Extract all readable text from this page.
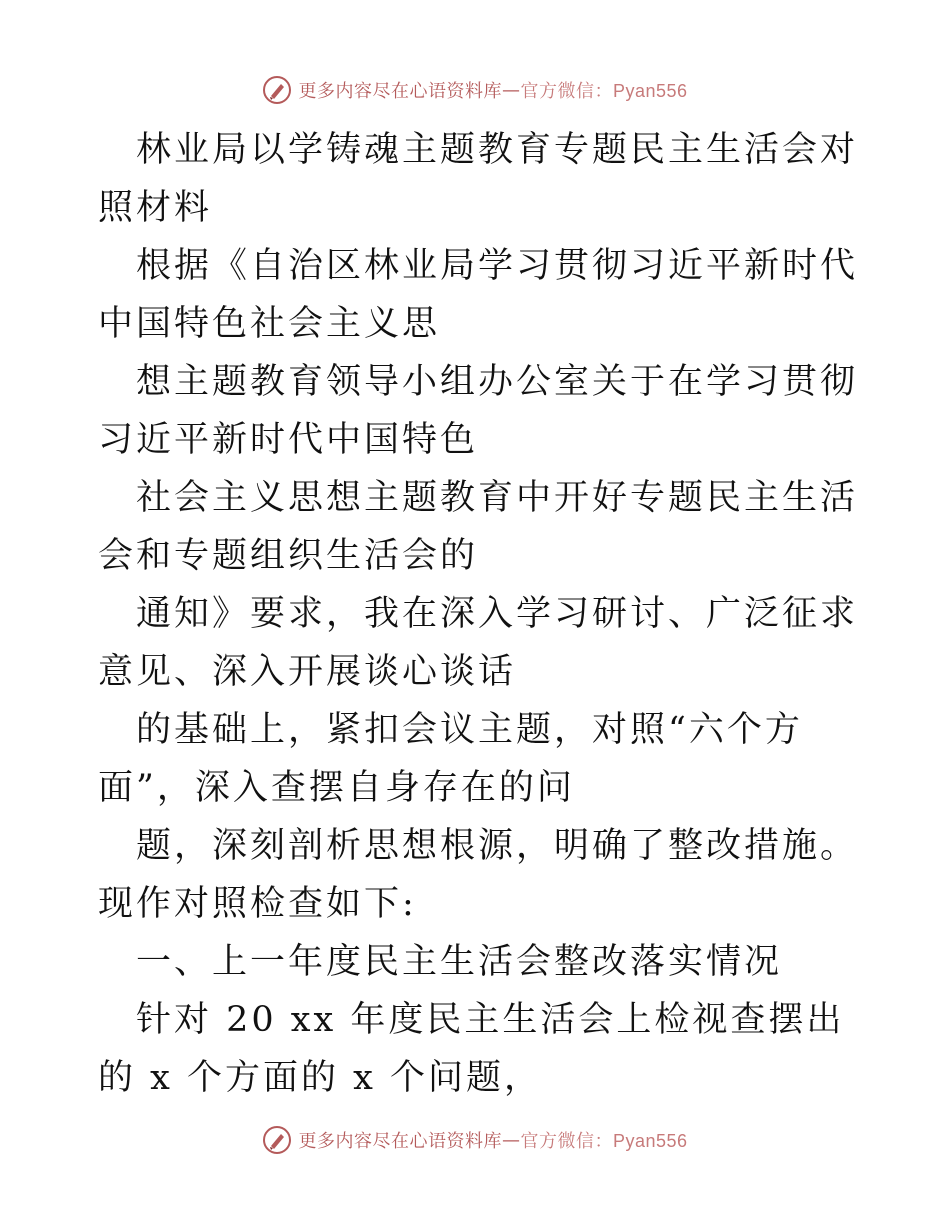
更多内容尽在心语资料库 — 官方微信：Pyan556

林业局以学铸魂主题教育专题民主生活会对照材料

根据《自治区林业局学习贯彻习近平新时代中国特色社会主义思

想主题教育领导小组办公室关于在学习贯彻习近平新时代中国特色

社会主义思想主题教育中开好专题民主生活会和专题组织生活会的

通知》要求，我在深入学习研讨、广泛征求意见、深入开展谈心谈话

的基础上，紧扣会议主题，对照“六个方面”，深入查摆自身存在的问

题，深刻剖析思想根源，明确了整改措施。现作对照检查如下:

一、上一年度民主生活会整改落实情况

针对 20 xx 年度民主生活会上检视查摆出的 x 个方面的 x 个问题，

更多内容尽在心语资料库 — 官方微信：Pyan556
